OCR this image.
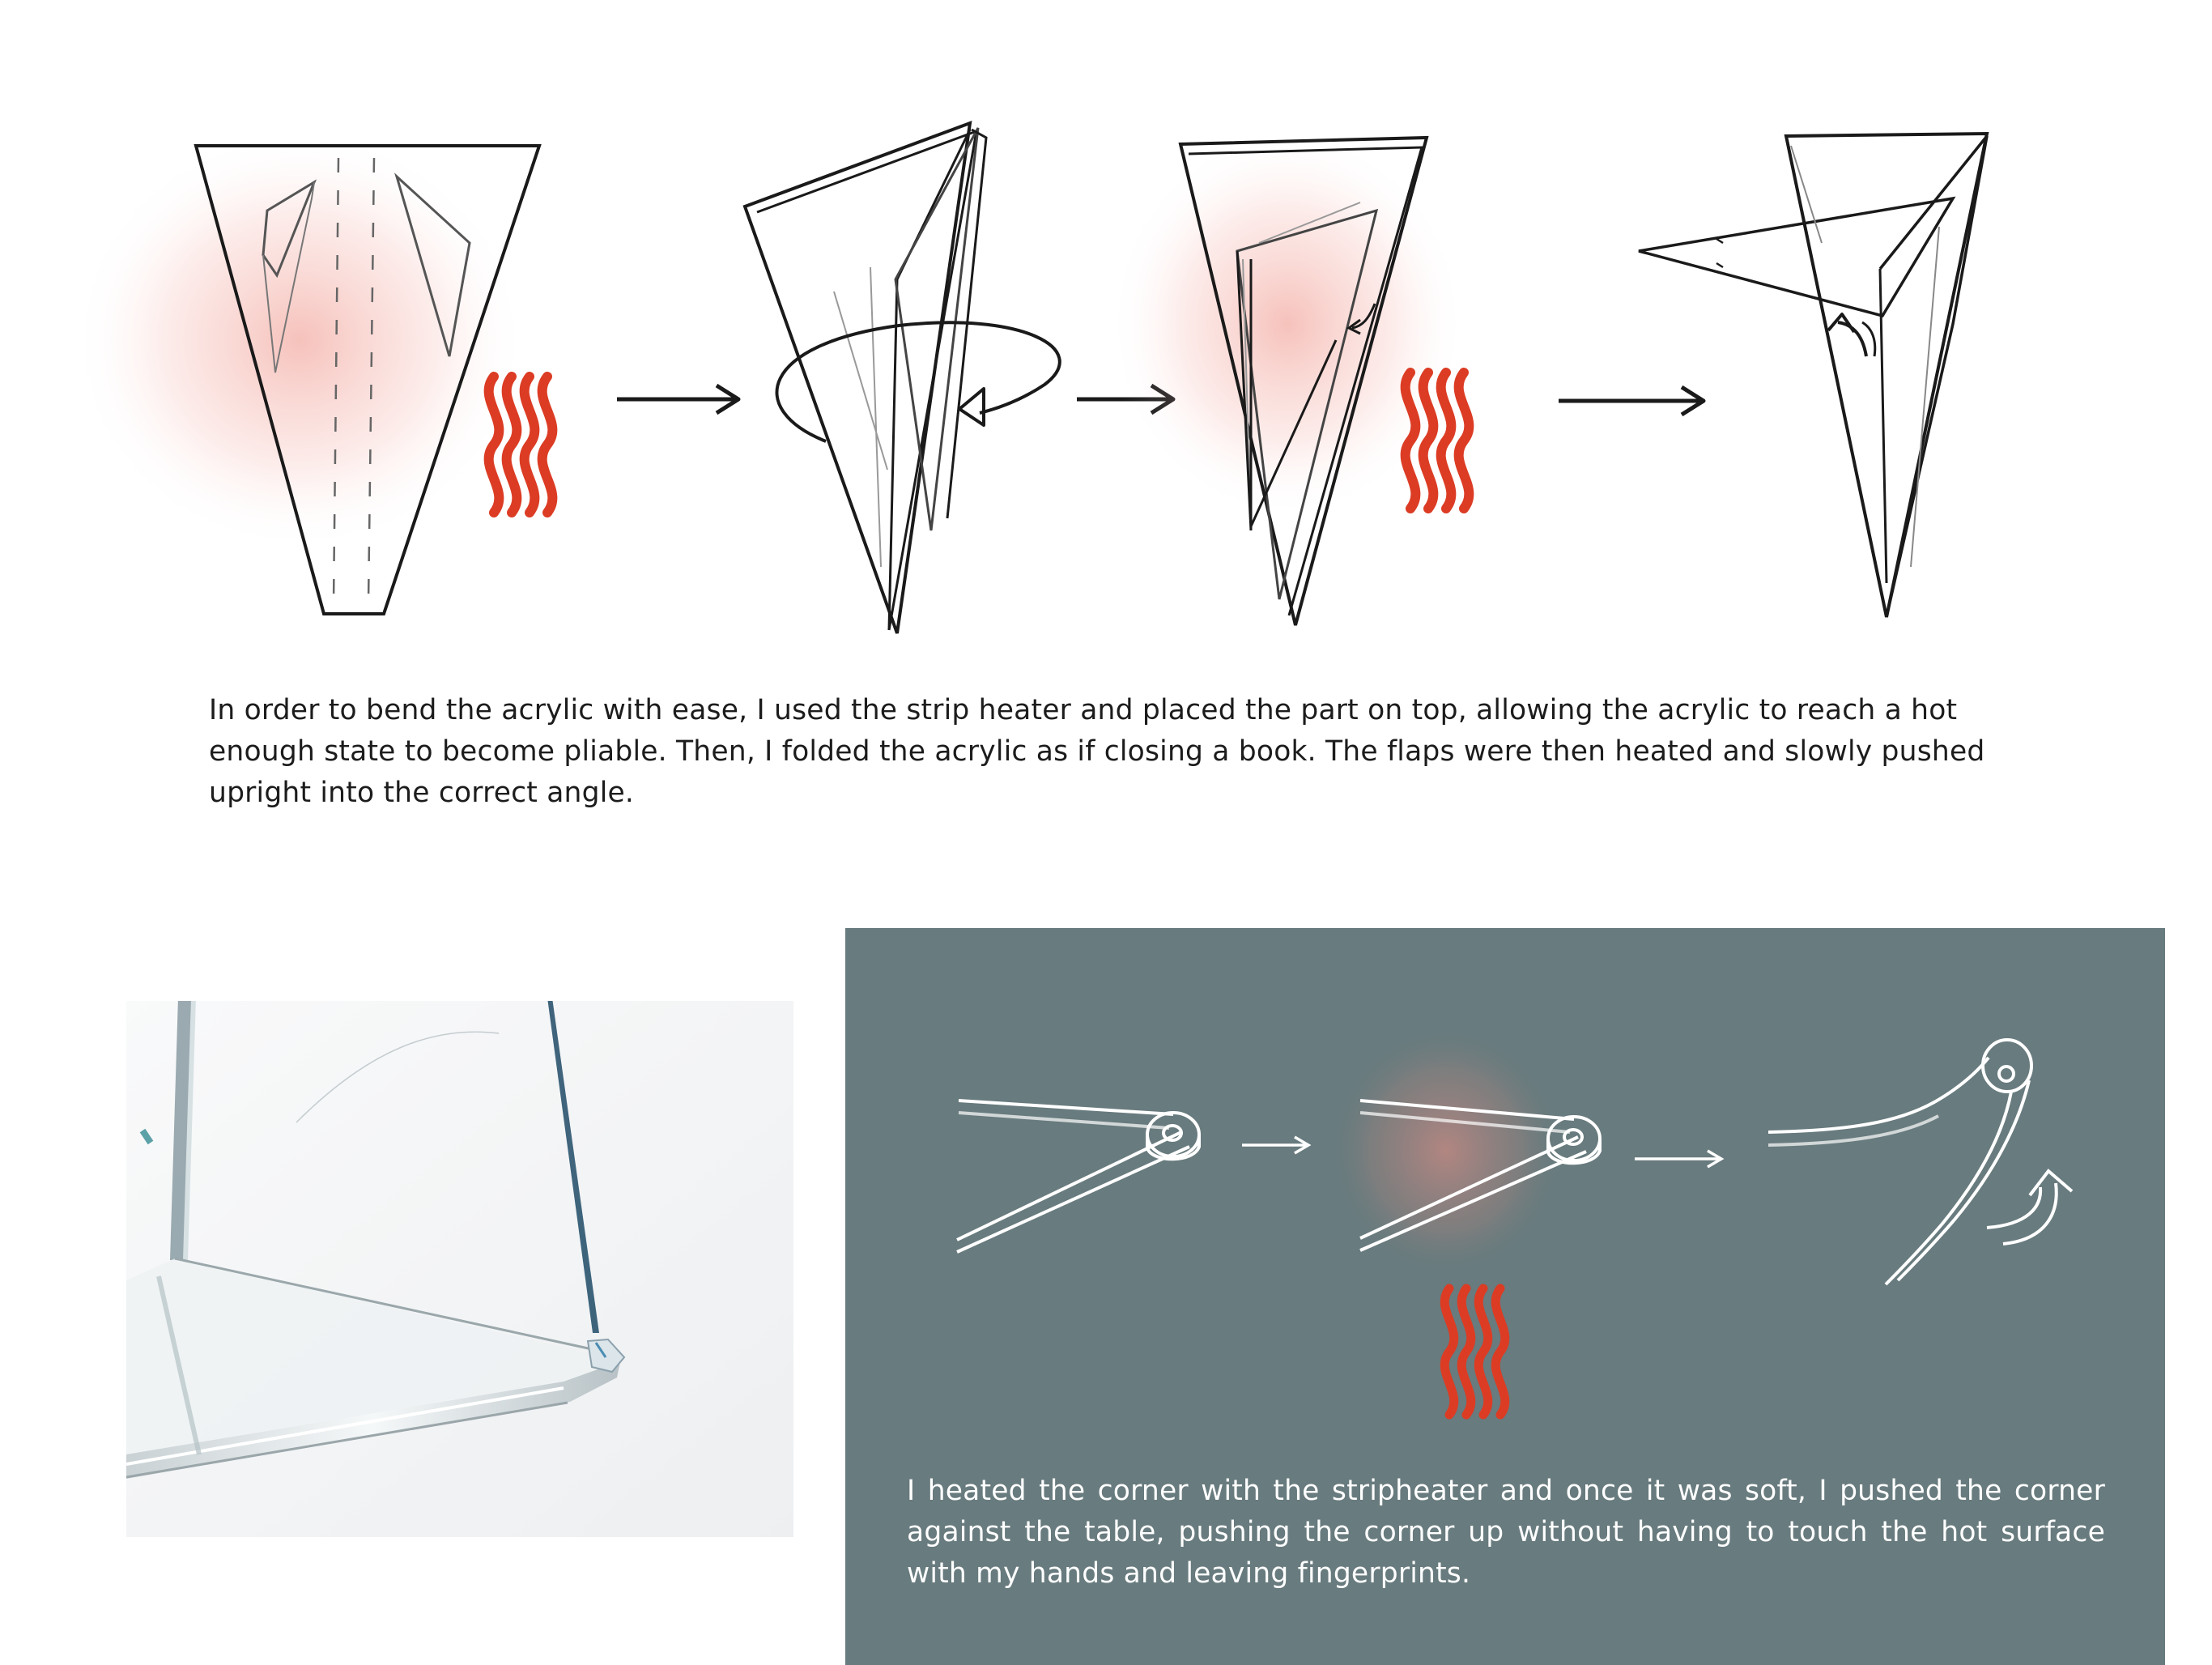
In order to bend the acrylic with ease, I used the strip heater and placed the part on top, allowing the acrylic to reach a hot enough state to become pliable. Then, I folded the acrylic as if closing a book. The flaps were then heated and slowly pushed upright into the correct angle.

I heated the corner with the stripheater and once it was soft, I pushed the corner against the table, pushing the corner up without having to touch the hot surface with my hands and leaving fingerprints.
